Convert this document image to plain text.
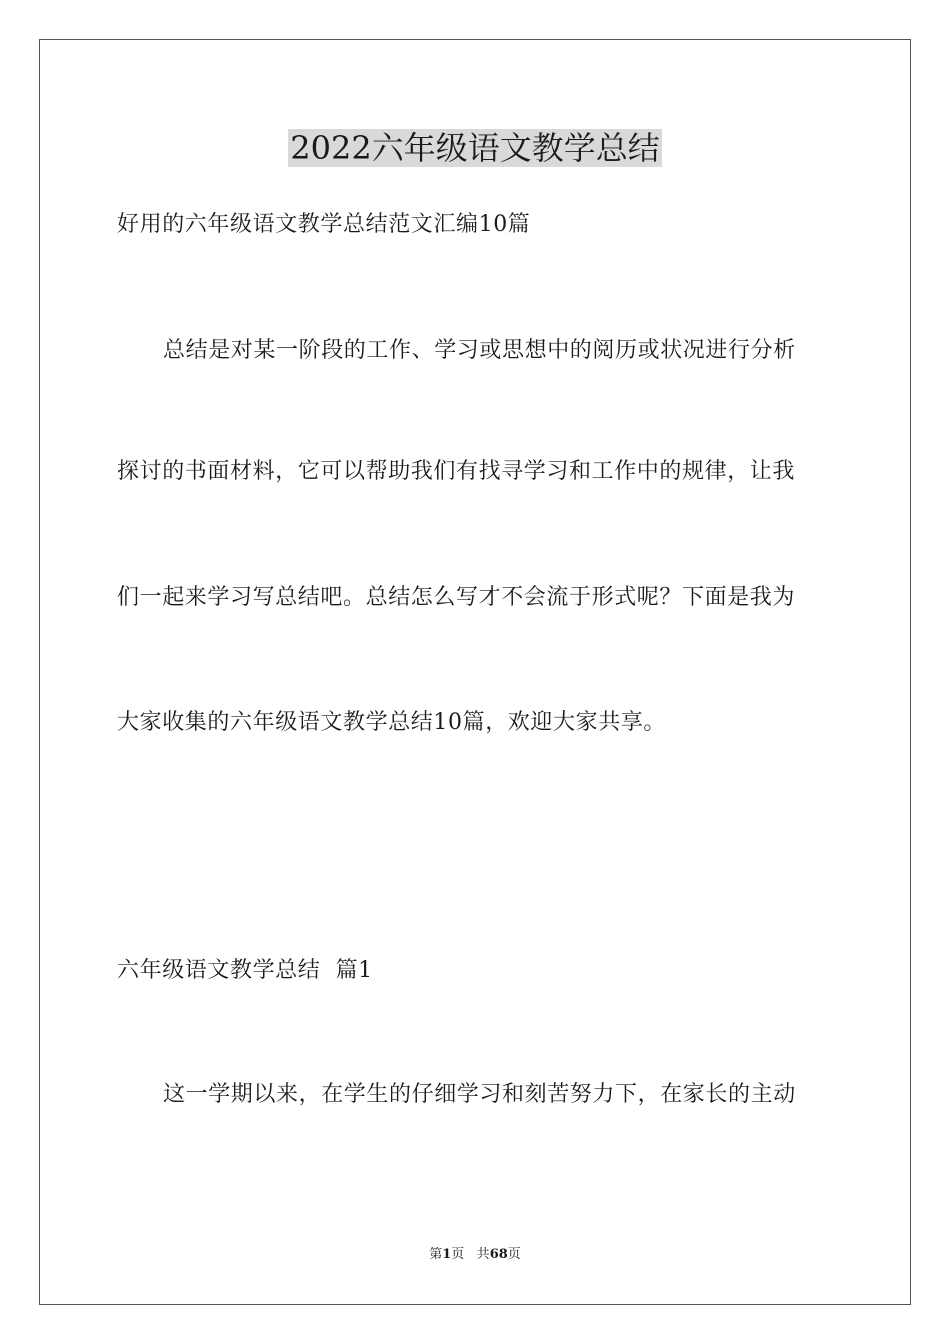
2022六年级语文教学总结
好用的六年级语文教学总结范文汇编10篇
总结是对某一阶段的工作、学习或思想中的阅历或状况进行分析
探讨的书面材料，它可以帮助我们有找寻学习和工作中的规律，让我
们一起来学习写总结吧。总结怎么写才不会流于形式呢？下面是我为
大家收集的六年级语文教学总结10篇，欢迎大家共享。
六年级语文教学总结  篇1
这一学期以来，在学生的仔细学习和刻苦努力下，在家长的主动
第1页 共68页
